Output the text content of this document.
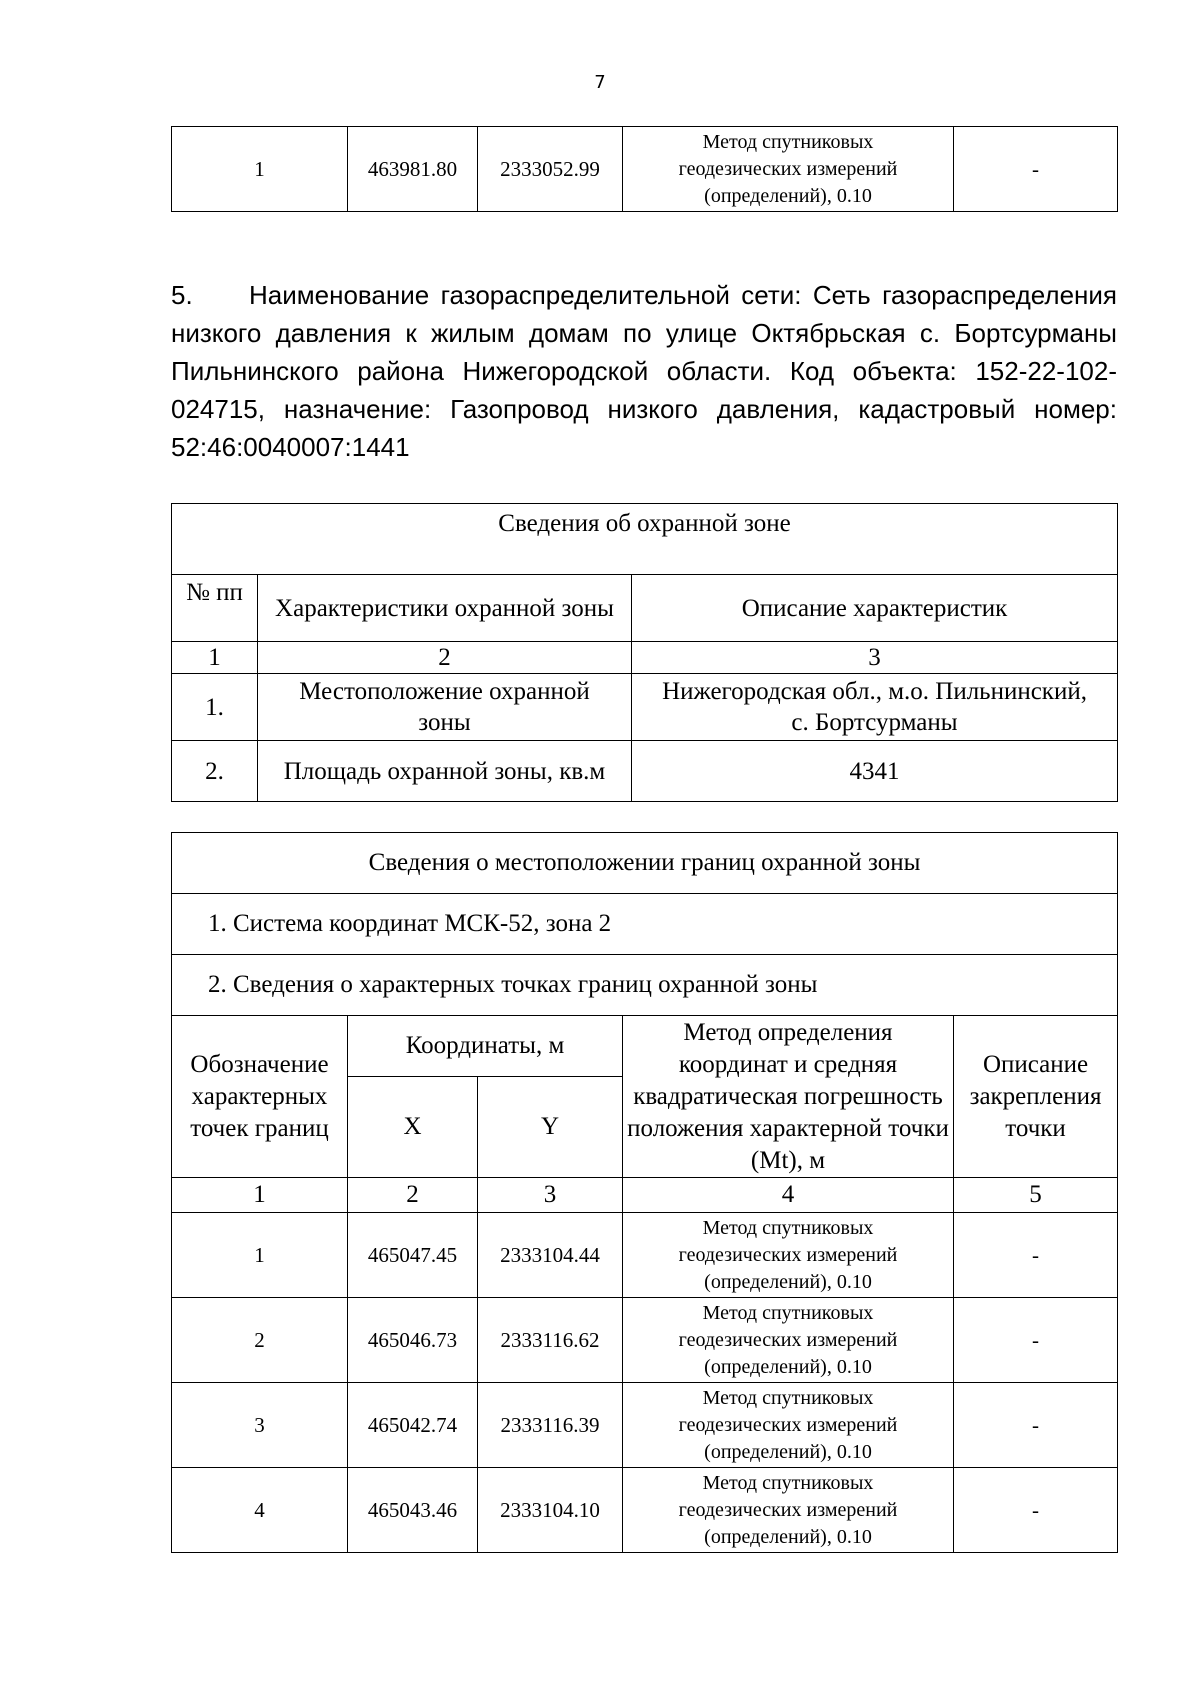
7
1	463981.80	2333052.99	Метод спутниковых
геодезических измерений
(определений), 0.10	-
5. Наименование газораспределительной сети: Сеть газораспределения низкого давления к жилым домам по улице Октябрьская с. Бортсурманы Пильнинского района Нижегородской области. Код объекта: 152-22-102-024715, назначение: Газопровод низкого давления, кадастровый номер: 52:46:0040007:1441
Сведения об охранной зоне		
№ пп	Характеристики охранной зоны	Описание характеристик
1	2	3
1.	Местоположение охранной зоны	Нижегородская обл., м.о. Пильнинский, с. Бортсурманы
2.	Площадь охранной зоны, кв.м	4341
Сведения о местоположении границ охранной зоны				
1. Система координат МСК-52, зона 2				
2. Сведения о характерных точках границ охранной зоны				
Обозначение характерных точек границ	Координаты, м		Метод определения координат и средняя квадратическая погрешность положения характерной точки (Mt), м	Описание закрепления точки
	X	Y		
1	2	3	4	5
1	465047.45	2333104.44	Метод спутниковых
геодезических измерений
(определений), 0.10	-
2	465046.73	2333116.62	Метод спутниковых
геодезических измерений
(определений), 0.10	-
3	465042.74	2333116.39	Метод спутниковых
геодезических измерений
(определений), 0.10	-
4	465043.46	2333104.10	Метод спутниковых
геодезических измерений
(определений), 0.10	-
